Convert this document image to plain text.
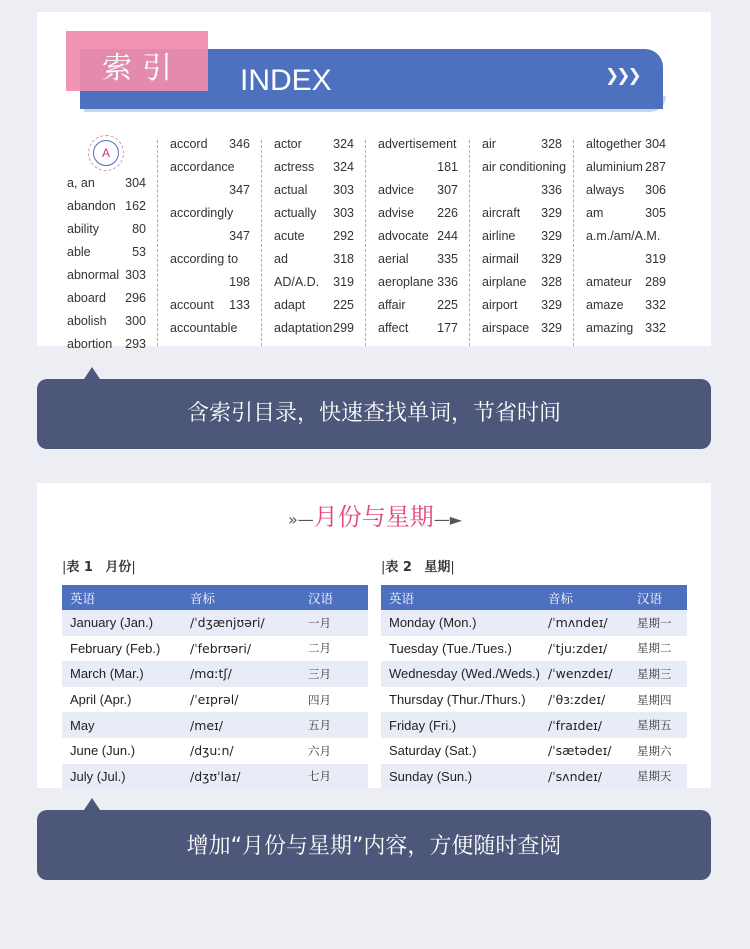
索引 INDEX	❯❯❯
A
a, an 304
abandon 162
ability	80
able	53
abnormal 303
aboard 296
abolish 300
abortion 293
accord 346
accordance
347
accordingly
347
according to
198
account 133
accountable
actor	324
actress 324
actual 303
actually 303
acute 292
ad	318
AD/A.D. 319
adapt 225
adaptation 299
advertisement
181
advice 307
advise 226
advocate 244
aerial 335
aeroplane 336
affair	225
affect 177
air	328
air conditioning
336
aircraft 329
airline 329
airmail 329
airplane 328
airport 329
airspace 329
altogether 304
aluminium 287
always 306
am	305
a.m./am/A.M.
319
amateur 289
amaze 332
amazing 332
含索引目录，快速查找单词，节省时间
»—月份与星期—►
|表 1 月份|	|表 2 星期|
英语	音标	汉语
January (Jan.)	/ˈdʒænjʊəri/	一月
February (Feb.)	/ˈfebrʊəri/	二月
March (Mar.)	/mɑːtʃ/	三月
April (Apr.)	/ˈeɪprəl/	四月
May	/meɪ/	五月
June (Jun.)	/dʒuːn/	六月
July (Jul.)	/dʒʊˈlaɪ/	七月
英语	音标	汉语
Monday (Mon.)	/ˈmʌndeɪ/	星期一
Tuesday (Tue./Tues.)	/ˈtjuːzdeɪ/	星期二
Wednesday (Wed./Weds.)	/ˈwenzdeɪ/	星期三
Thursday (Thur./Thurs.)	/ˈθɜːzdeɪ/	星期四
Friday (Fri.)	/ˈfraɪdeɪ/	星期五
Saturday (Sat.)	/ˈsætədeɪ/	星期六
Sunday (Sun.)	/ˈsʌndeɪ/	星期天
增加“月份与星期”内容，方便随时查阅
